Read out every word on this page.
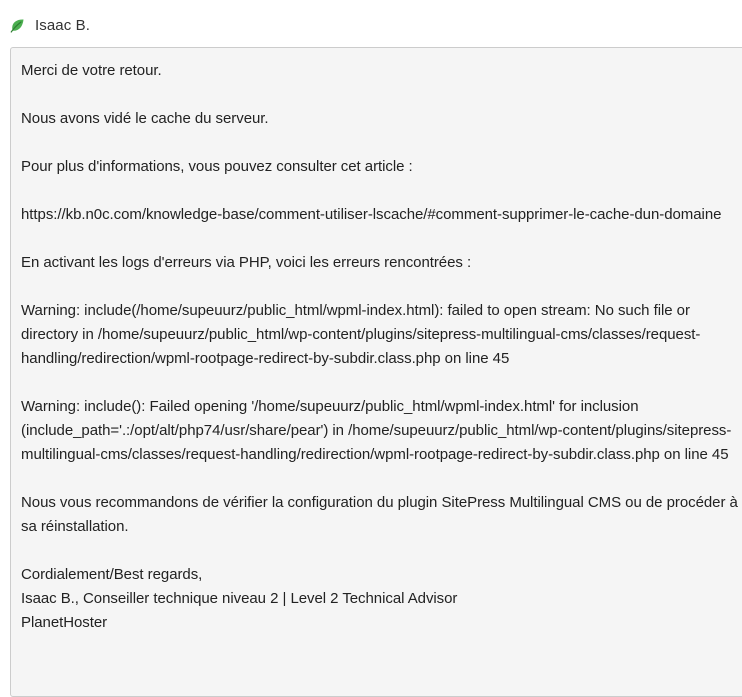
Isaac B.

Merci de votre retour.

Nous avons vidé le cache du serveur.

Pour plus d'informations, vous pouvez consulter cet article :

https://kb.n0c.com/knowledge-base/comment-utiliser-lscache/#comment-supprimer-le-cache-dun-domaine

En activant les logs d'erreurs via PHP, voici les erreurs rencontrées :

Warning: include(/home/supeuurz/public_html/wpml-index.html): failed to open stream: No such file or directory in /home/supeuurz/public_html/wp-content/plugins/sitepress-multilingual-cms/classes/request-handling/redirection/wpml-rootpage-redirect-by-subdir.class.php on line 45

Warning: include(): Failed opening '/home/supeuurz/public_html/wpml-index.html' for inclusion (include_path='.:/opt/alt/php74/usr/share/pear') in /home/supeuurz/public_html/wp-content/plugins/sitepress-multilingual-cms/classes/request-handling/redirection/wpml-rootpage-redirect-by-subdir.class.php on line 45

Nous vous recommandons de vérifier la configuration du plugin SitePress Multilingual CMS ou de procéder à sa réinstallation.

Cordialement/Best regards,

Isaac B., Conseiller technique niveau 2 | Level 2 Technical Advisor

PlanetHoster
